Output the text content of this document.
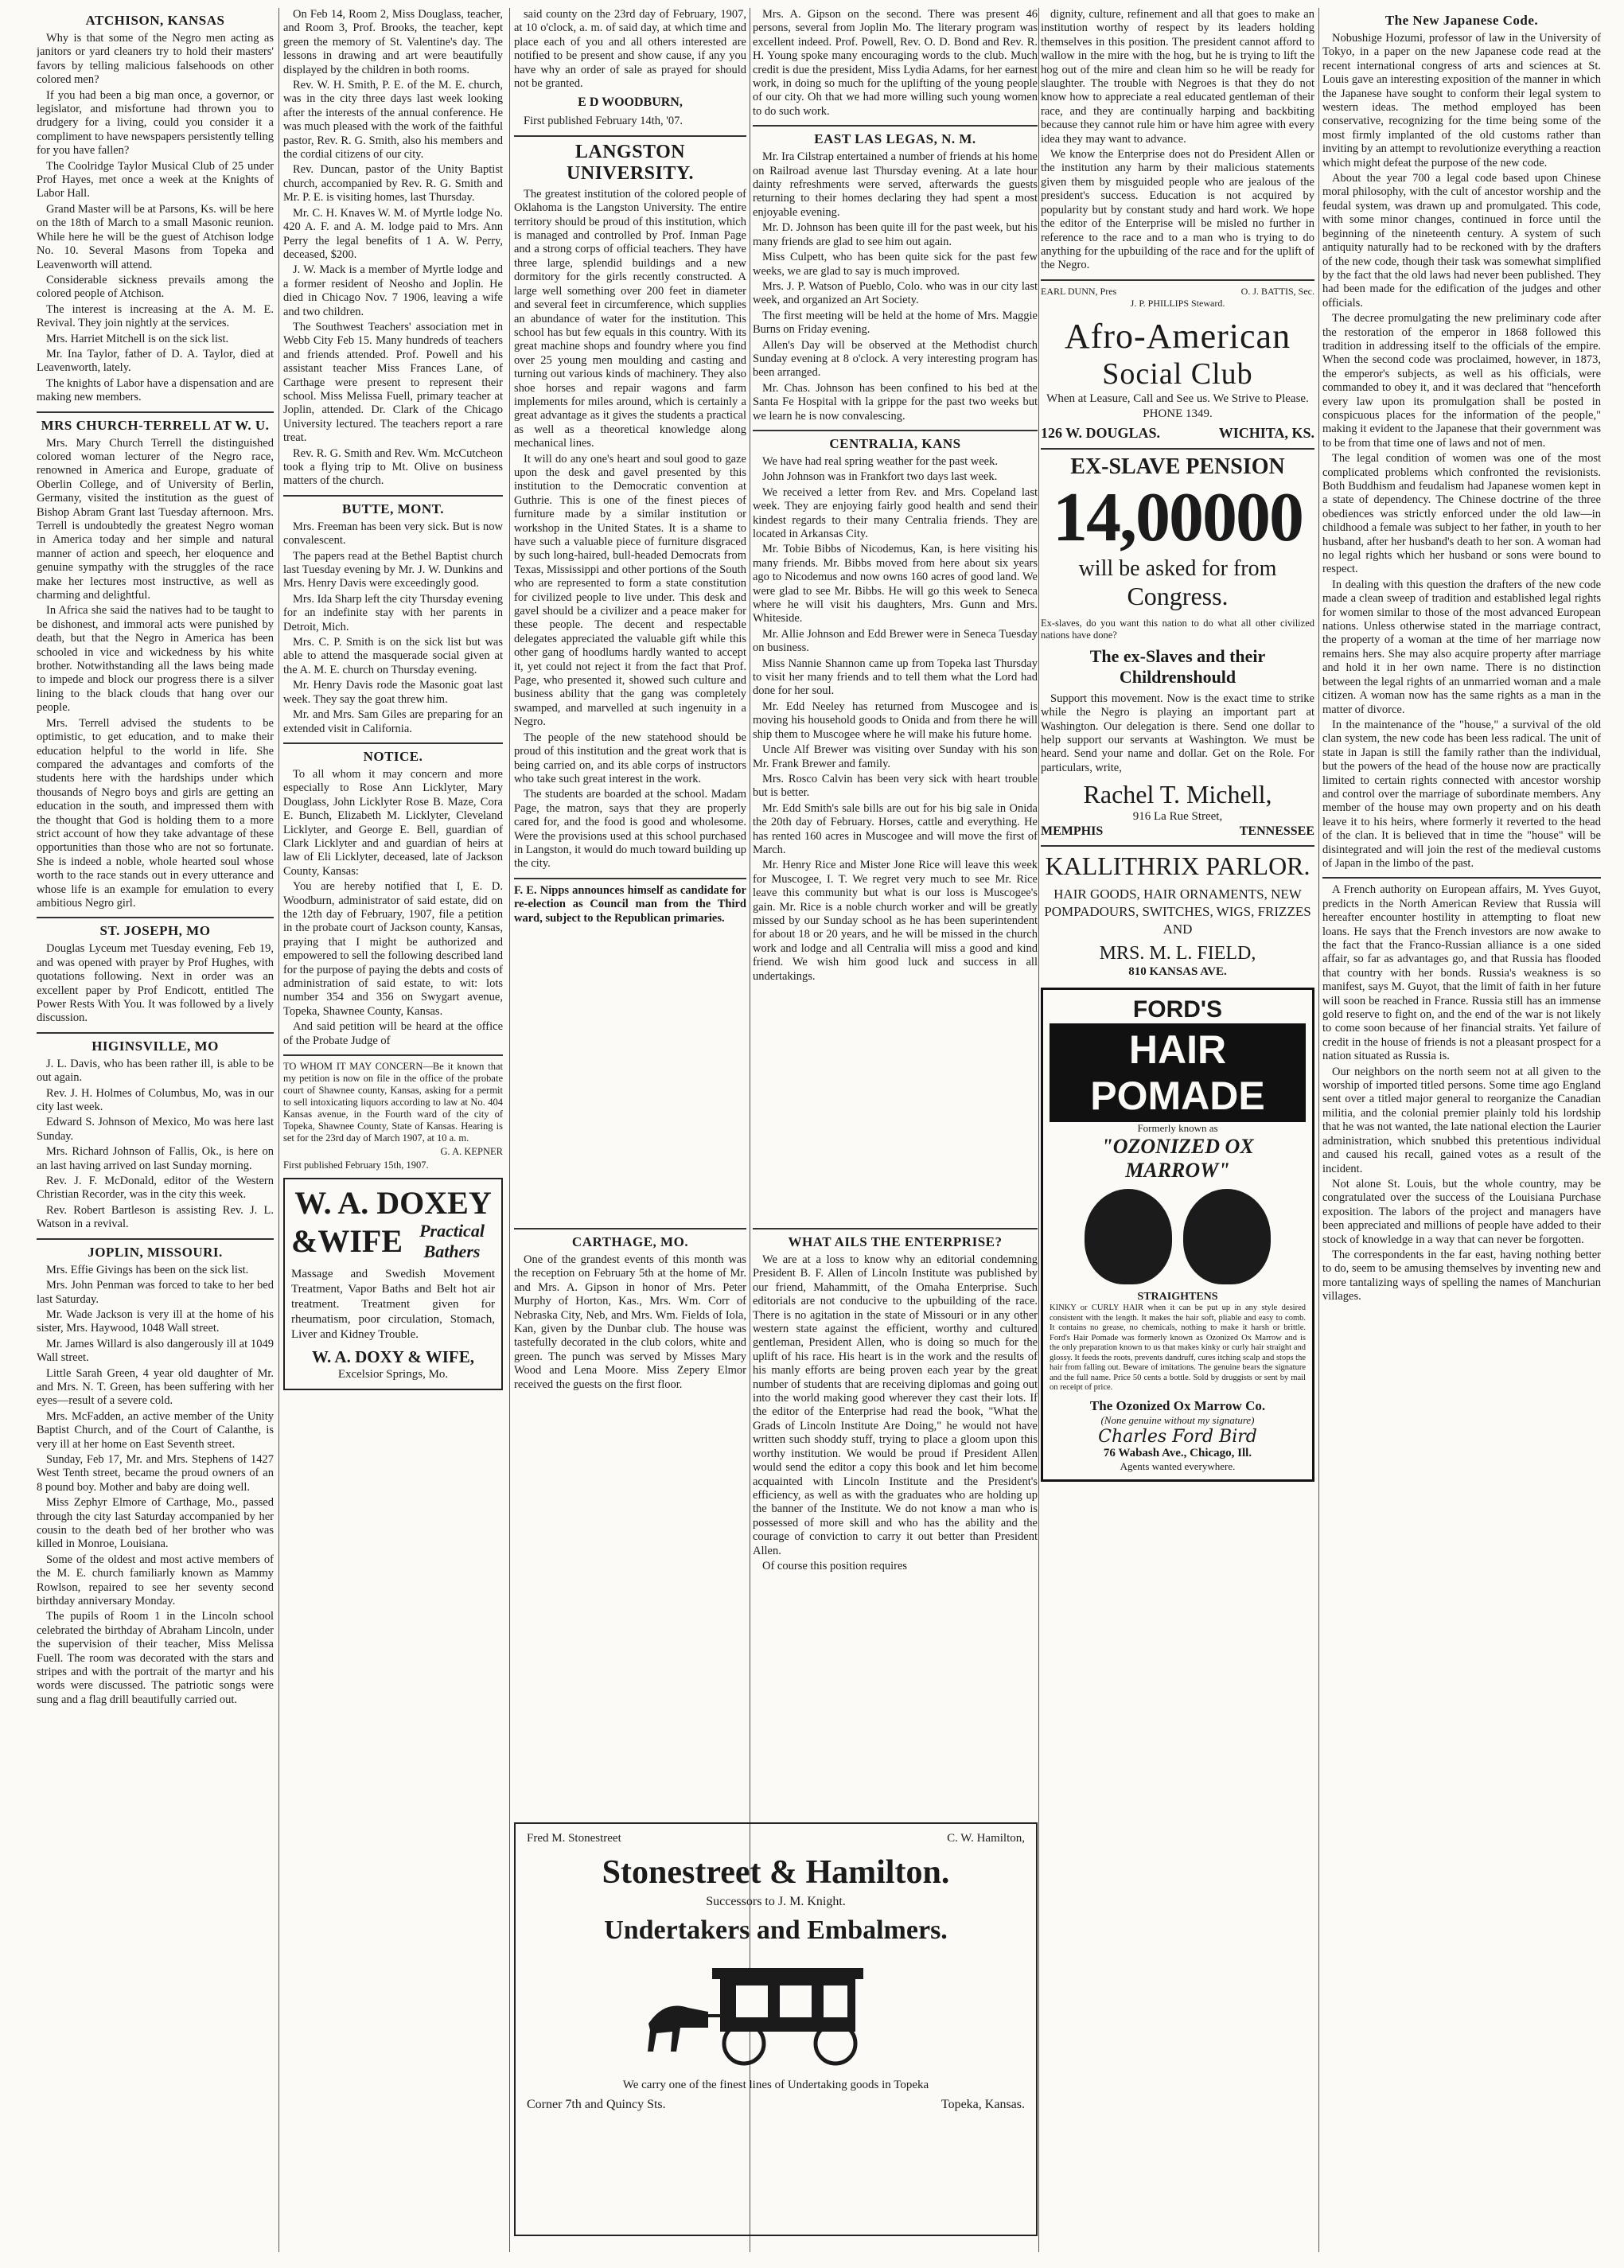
ATCHISON, KANSAS

Why is that some of the Negro men acting as janitors or yard cleaners try to hold their masters' favors by telling malicious falsehoods on other colored men?

If you had been a big man once, a governor, or legislator, and misfortune had thrown you to drudgery for a living, could you consider it a compliment to have newspapers persistently telling for you have fallen?

The Coolridge Taylor Musical Club of 25 under Prof Hayes, met once a week at the Knights of Labor Hall.

Grand Master will be at Parsons, Ks. will be here on the 18th of March to a small Masonic reunion. While here he will be the guest of Atchison lodge No. 10. Several Masons from Topeka and Leavenworth will attend.

Considerable sickness prevails among the colored people of Atchison.

The interest is increasing at the A. M. E. Revival. They join nightly at the services.

Mrs. Harriet Mitchell is on the sick list.

Mr. Ina Taylor, father of D. A. Taylor, died at Leavenworth, lately.

The knights of Labor have a dispensation and are making new members.

MRS CHURCH-TERRELL AT W. U.

Mrs. Mary Church Terrell the distinguished colored woman lecturer of the Negro race, renowned in America and Europe, graduate of Oberlin College, and of University of Berlin, Germany, visited the institution as the guest of Bishop Abram Grant last Tuesday afternoon. Mrs. Terrell is undoubtedly the greatest Negro woman in America today and her simple and natural manner of action and speech, her eloquence and genuine sympathy with the struggles of the race make her lectures most instructive, as well as charming and delightful.

In Africa she said the natives had to be taught to be dishonest, and immoral acts were punished by death, but that the Negro in America has been schooled in vice and wickedness by his white brother. Notwithstanding all the laws being made to impede and block our progress there is a silver lining to the black clouds that hang over our people.

Mrs. Terrell advised the students to be optimistic, to get education, and to make their education helpful to the world in life. She compared the advantages and comforts of the students here with the hardships under which thousands of Negro boys and girls are getting an education in the south, and impressed them with the thought that God is holding them to a more strict account of how they take advantage of these opportunities than those who are not so fortunate. She is indeed a noble, whole hearted soul whose worth to the race stands out in every utterance and whose life is an example for emulation to every ambitious Negro girl.

ST. JOSEPH, MO

Douglas Lyceum met Tuesday evening, Feb 19, and was opened with prayer by Prof Hughes, with quotations following. Next in order was an excellent paper by Prof Endicott, entitled The Power Rests With You. It was followed by a lively discussion.

HIGINSVILLE, MO

J. L. Davis, who has been rather ill, is able to be out again.

Rev. J. H. Holmes of Columbus, Mo, was in our city last week.

Edward S. Johnson of Mexico, Mo was here last Sunday.

Mrs. Richard Johnson of Fallis, Ok., is here on an last having arrived on last Sunday morning.

Rev. J. F. McDonald, editor of the Western Christian Recorder, was in the city this week.

Rev. Robert Bartleson is assisting Rev. J. L. Watson in a revival.

JOPLIN, MISSOURI.

Mrs. Effie Givings has been on the sick list.

Mrs. John Penman was forced to take to her bed last Saturday.

Mr. Wade Jackson is very ill at the home of his sister, Mrs. Haywood, 1048 Wall street.

Mr. James Willard is also dangerously ill at 1049 Wall street.

Little Sarah Green, 4 year old daughter of Mr. and Mrs. N. T. Green, has been suffering with her eyes—result of a severe cold.

Mrs. McFadden, an active member of the Unity Baptist Church, and of the Court of Calanthe, is very ill at her home on East Seventh street.

Sunday, Feb 17, Mr. and Mrs. Stephens of 1427 West Tenth street, became the proud owners of an 8 pound boy. Mother and baby are doing well.

Miss Zephyr Elmore of Carthage, Mo., passed through the city last Saturday accompanied by her cousin to the death bed of her brother who was killed in Monroe, Louisiana.

Some of the oldest and most active members of the M. E. church familiarly known as Mammy Rowlson, repaired to see her seventy second birthday anniversary Monday.

The pupils of Room 1 in the Lincoln school celebrated the birthday of Abraham Lincoln, under the supervision of their teacher, Miss Melissa Fuell. The room was decorated with the stars and stripes and with the portrait of the martyr and his words were discussed. The patriotic songs were sung and a flag drill beautifully carried out.

On Feb 14, Room 2, Miss Douglass, teacher, and Room 3, Prof. Brooks, the teacher, kept green the memory of St. Valentine's day. The lessons in drawing and art were beautifully displayed by the children in both rooms.

Rev. W. H. Smith, P. E. of the M. E. church, was in the city three days last week looking after the interests of the annual conference. He was much pleased with the work of the faithful pastor, Rev. R. G. Smith, also his members and the cordial citizens of our city.

Rev. Duncan, pastor of the Unity Baptist church, accompanied by Rev. R. G. Smith and Mr. P. E. is visiting homes, last Thursday.

Mr. C. H. Knaves W. M. of Myrtle lodge No. 420 A. F. and A. M. lodge paid to Mrs. Ann Perry the legal benefits of 1 A. W. Perry, deceased, $200.

J. W. Mack is a member of Myrtle lodge and a former resident of Neosho and Joplin. He died in Chicago Nov. 7 1906, leaving a wife and two children.

The Southwest Teachers' association met in Webb City Feb 15. Many hundreds of teachers and friends attended. Prof. Powell and his assistant teacher Miss Frances Lane, of Carthage were present to represent their school. Miss Melissa Fuell, primary teacher at Joplin, attended. Dr. Clark of the Chicago University lectured. The teachers report a rare treat.

Rev. R. G. Smith and Rev. Wm. McCutcheon took a flying trip to Mt. Olive on business matters of the church.

BUTTE, MONT.

Mrs. Freeman has been very sick. But is now convalescent.

The papers read at the Bethel Baptist church last Tuesday evening by Mr. J. W. Dunkins and Mrs. Henry Davis were exceedingly good.

Mrs. Ida Sharp left the city Thursday evening for an indefinite stay with her parents in Detroit, Mich.

Mrs. C. P. Smith is on the sick list but was able to attend the masquerade social given at the A. M. E. church on Thursday evening.

Mr. Henry Davis rode the Masonic goat last week. They say the goat threw him.

Mr. and Mrs. Sam Giles are preparing for an extended visit in California.

NOTICE.

To all whom it may concern and more especially to Rose Ann Licklyter, Mary Douglass, John Licklyter Rose B. Maze, Cora E. Bunch, Elizabeth M. Licklyter, Cleveland Licklyter, and George E. Bell, guardian of Clark Licklyter and and guardian of heirs at law of Eli Licklyter, deceased, late of Jackson County, Kansas:

You are hereby notified that I, E. D. Woodburn, administrator of said estate, did on the 12th day of February, 1907, file a petition in the probate court of Jackson county, Kansas, praying that I might be authorized and empowered to sell the following described land for the purpose of paying the debts and costs of administration of said estate, to wit: lots number 354 and 356 on Swygart avenue, Topeka, Shawnee County, Kansas.

And said petition will be heard at the office of the Probate Judge of

TO WHOM IT MAY CONCERN—Be it known that my petition is now on file in the office of the probate court of Shawnee county, Kansas, asking for a permit to sell intoxicating liquors according to law at No. 404 Kansas avenue, in the Fourth ward of the city of Topeka, Shawnee County, State of Kansas. Hearing is set for the 23rd day of March 1907, at 10 a. m.
G. A. KEPNER
First published February 15th, 1907.
W. A. DOXEY
&WIFE Practical Bathers
Massage and Swedish Movement Treatment, Vapor Baths and Belt hot air treatment. Treatment given for rheumatism, poor circulation, Stomach, Liver and Kidney Trouble.
W. A. DOXY & WIFE,
Excelsior Springs, Mo.

said county on the 23rd day of February, 1907, at 10 o'clock, a. m. of said day, at which time and place each of you and all others interested are notified to be present and show cause, if any you have why an order of sale as prayed for should not be granted.

E D WOODBURN,
First published February 14th, '07.
LANGSTON UNIVERSITY.

The greatest institution of the colored people of Oklahoma is the Langston University. The entire territory should be proud of this institution, which is managed and controlled by Prof. Inman Page and a strong corps of official teachers. They have three large, splendid buildings and a new dormitory for the girls recently constructed. A large well something over 200 feet in diameter and several feet in circumference, which supplies an abundance of water for the institution. This school has but few equals in this country. With its great machine shops and foundry where you find over 25 young men moulding and casting and turning out various kinds of machinery. They also shoe horses and repair wagons and farm implements for miles around, which is certainly a great advantage as it gives the students a practical as well as a theoretical knowledge along mechanical lines.

It will do any one's heart and soul good to gaze upon the desk and gavel presented by this institution to the Democratic convention at Guthrie. This is one of the finest pieces of furniture made by a similar institution or workshop in the United States. It is a shame to have such a valuable piece of furniture disgraced by such long-haired, bull-headed Democrats from Texas, Mississippi and other portions of the South who are represented to form a state constitution for civilized people to live under. This desk and gavel should be a civilizer and a peace maker for these people. The decent and respectable delegates appreciated the valuable gift while this other gang of hoodlums hardly wanted to accept it, yet could not reject it from the fact that Prof. Page, who presented it, showed such culture and business ability that the gang was completely swamped, and marvelled at such ingenuity in a Negro.

The people of the new statehood should be proud of this institution and the great work that is being carried on, and its able corps of instructors who take such great interest in the work.

The students are boarded at the school. Madam Page, the matron, says that they are properly cared for, and the food is good and wholesome. Were the provisions used at this school purchased in Langston, it would do much toward building up the city.

F. E. Nipps announces himself as candidate for re-election as Council man from the Third ward, subject to the Republican primaries.

Mrs. A. Gipson on the second. There was present 46 persons, several from Joplin Mo. The literary program was excellent indeed. Prof. Powell, Rev. O. D. Bond and Rev. R. H. Young spoke many encouraging words to the club. Much credit is due the president, Miss Lydia Adams, for her earnest work, in doing so much for the uplifting of the young people of our city. Oh that we had more willing such young women to do such work.

EAST LAS LEGAS, N. M.

Mr. Ira Cilstrap entertained a number of friends at his home on Railroad avenue last Thursday evening. At a late hour dainty refreshments were served, afterwards the guests returning to their homes declaring they had spent a most enjoyable evening.

Mr. D. Johnson has been quite ill for the past week, but his many friends are glad to see him out again.

Miss Culpett, who has been quite sick for the past few weeks, we are glad to say is much improved.

Mrs. J. P. Watson of Pueblo, Colo. who was in our city last week, and organized an Art Society.

The first meeting will be held at the home of Mrs. Maggie Burns on Friday evening.

Allen's Day will be observed at the Methodist church Sunday evening at 8 o'clock. A very interesting program has been arranged.

Mr. Chas. Johnson has been confined to his bed at the Santa Fe Hospital with la grippe for the past two weeks but we learn he is now convalescing.

CENTRALIA, KANS

We have had real spring weather for the past week.

John Johnson was in Frankfort two days last week.

We received a letter from Rev. and Mrs. Copeland last week. They are enjoying fairly good health and send their kindest regards to their many Centralia friends. They are located in Arkansas City.

Mr. Tobie Bibbs of Nicodemus, Kan, is here visiting his many friends. Mr. Bibbs moved from here about six years ago to Nicodemus and now owns 160 acres of good land. We were glad to see Mr. Bibbs. He will go this week to Seneca where he will visit his daughters, Mrs. Gunn and Mrs. Whiteside.

Mr. Allie Johnson and Edd Brewer were in Seneca Tuesday on business.

Miss Nannie Shannon came up from Topeka last Thursday to visit her many friends and to tell them what the Lord had done for her soul.

Mr. Edd Neeley has returned from Muscogee and is moving his household goods to Onida and from there he will ship them to Muscogee where he will make his future home.

Uncle Alf Brewer was visiting over Sunday with his son Mr. Frank Brewer and family.

Mrs. Rosco Calvin has been very sick with heart trouble but is better.

Mr. Edd Smith's sale bills are out for his big sale in Onida the 20th day of February. Horses, cattle and everything. He has rented 160 acres in Muscogee and will move the first of March.

Mr. Henry Rice and Mister Jone Rice will leave this week for Muscogee, I. T. We regret very much to see Mr. Rice leave this community but what is our loss is Muscogee's gain. Mr. Rice is a noble church worker and will be greatly missed by our Sunday school as he has been superintendent for about 18 or 20 years, and he will be missed in the church work and lodge and all Centralia will miss a good and kind friend. We wish him good luck and success in all undertakings.

CARTHAGE, MO.

One of the grandest events of this month was the reception on February 5th at the home of Mr. and Mrs. A. Gipson in honor of Mrs. Peter Murphy of Horton, Kas., Mrs. Wm. Corr of Nebraska City, Neb, and Mrs. Wm. Fields of Iola, Kan, given by the Dunbar club. The house was tastefully decorated in the club colors, white and green. The punch was served by Misses Mary Wood and Lena Moore. Miss Zepery Elmor received the guests on the first floor.

WHAT AILS THE ENTERPRISE?

We are at a loss to know why an editorial condemning President B. F. Allen of Lincoln Institute was published by our friend, Mahammitt, of the Omaha Enterprise. Such editorials are not conducive to the upbuilding of the race. There is no agitation in the state of Missouri or in any other western state against the efficient, worthy and cultured gentleman, President Allen, who is doing so much for the uplift of his race. His heart is in the work and the results of his manly efforts are being proven each year by the great number of students that are receiving diplomas and going out into the world making good wherever they cast their lots. If the editor of the Enterprise had read the book, "What the Grads of Lincoln Institute Are Doing," he would not have written such shoddy stuff, trying to place a gloom upon this worthy institution. We would be proud if President Allen would send the editor a copy this book and let him become acquainted with Lincoln Institute and the President's efficiency, as well as with the graduates who are holding up the banner of the Institute. We do not know a man who is possessed of more skill and who has the ability and the courage of conviction to carry it out better than President Allen.

Of course this position requires

Fred M. Stonestreet	C. W. Hamilton,
Stonestreet & Hamilton.
Successors to J. M. Knight.
Undertakers and Embalmers.
We carry one of the finest lines of Undertaking goods in Topeka
Corner 7th and Quincy Sts.	Topeka, Kansas.

dignity, culture, refinement and all that goes to make an institution worthy of respect by its leaders holding themselves in this position. The president cannot afford to wallow in the mire with the hog, but he is trying to lift the hog out of the mire and clean him so he will be ready for slaughter. The trouble with Negroes is that they do not know how to appreciate a real educated gentleman of their race, and they are continually harping and backbiting because they cannot rule him or have him agree with every idea they may want to advance.

We know the Enterprise does not do President Allen or the institution any harm by their malicious statements given them by misguided people who are jealous of the president's success. Education is not acquired by popularity but by constant study and hard work. We hope the editor of the Enterprise will be misled no further in reference to the race and to a man who is trying to do anything for the upbuilding of the race and for the uplift of the Negro.

EARL DUNN, Pres	O. J. BATTIS, Sec.
J. P. PHILLIPS Steward.
Afro-American
Social Club
When at Leasure, Call and See us. We Strive to Please.
PHONE 1349.
126 W. DOUGLAS.	WICHITA, KS.
EX-SLAVE PENSION
14,00000
will be asked for from
Congress.
Ex-slaves, do you want this nation to do what all other civilized nations have done?
The ex-Slaves and their Childrenshould
Support this movement. Now is the exact time to strike while the Negro is playing an important part at Washington. Our delegation is there. Send one dollar to help support our servants at Washington. We must be heard. Send your name and dollar. Get on the Role. For particulars, write,
Rachel T. Michell,
916 La Rue Street,
MEMPHIS	TENNESSEE
KALLITHRIX PARLOR.
HAIR GOODS, HAIR ORNAMENTS, NEW POMPADOURS, SWITCHES, WIGS, FRIZZES AND
MRS. M. L. FIELD,
810 KANSAS AVE.
FORD'S
HAIR POMADE
Formerly known as
"OZONIZED OX MARROW"
STRAIGHTENS
KINKY or CURLY HAIR when it can be put up in any style desired consistent with the length. It makes the hair soft, pliable and easy to comb. It contains no grease, no chemicals, nothing to make it harsh or brittle. Ford's Hair Pomade was formerly known as Ozonized Ox Marrow and is the only preparation known to us that makes kinky or curly hair straight and glossy. It feeds the roots, prevents dandruff, cures itching scalp and stops the hair from falling out. Beware of imitations. The genuine bears the signature and the full name. Price 50 cents a bottle. Sold by druggists or sent by mail on receipt of price.
The Ozonized Ox Marrow Co.
(None genuine without my signature)
Charles Ford Bird
76 Wabash Ave., Chicago, Ill.
Agents wanted everywhere.
The New Japanese Code.

Nobushige Hozumi, professor of law in the University of Tokyo, in a paper on the new Japanese code read at the recent international congress of arts and sciences at St. Louis gave an interesting exposition of the manner in which the Japanese have sought to conform their legal system to western ideas. The method employed has been conservative, recognizing for the time being some of the most firmly implanted of the old customs rather than inviting by an attempt to revolutionize everything a reaction which might defeat the purpose of the new code.

About the year 700 a legal code based upon Chinese moral philosophy, with the cult of ancestor worship and the feudal system, was drawn up and promulgated. This code, with some minor changes, continued in force until the beginning of the nineteenth century. A system of such antiquity naturally had to be reckoned with by the drafters of the new code, though their task was somewhat simplified by the fact that the old laws had never been published. They had been made for the edification of the judges and other officials.

The decree promulgating the new preliminary code after the restoration of the emperor in 1868 followed this tradition in addressing itself to the officials of the empire. When the second code was proclaimed, however, in 1873, the emperor's subjects, as well as his officials, were commanded to obey it, and it was declared that "henceforth every law upon its promulgation shall be posted in conspicuous places for the information of the people," making it evident to the Japanese that their government was to be from that time one of laws and not of men.

The legal condition of women was one of the most complicated problems which confronted the revisionists. Both Buddhism and feudalism had Japanese women kept in a state of dependency. The Chinese doctrine of the three obediences was strictly enforced under the old law—in childhood a female was subject to her father, in youth to her husband, after her husband's death to her son. A woman had no legal rights which her husband or sons were bound to respect.

In dealing with this question the drafters of the new code made a clean sweep of tradition and established legal rights for women similar to those of the most advanced European nations. Unless otherwise stated in the marriage contract, the property of a woman at the time of her marriage now remains hers. She may also acquire property after marriage and hold it in her own name. There is no distinction between the legal rights of an unmarried woman and a male citizen. A woman now has the same rights as a man in the matter of divorce.

In the maintenance of the "house," a survival of the old clan system, the new code has been less radical. The unit of state in Japan is still the family rather than the individual, but the powers of the head of the house now are practically limited to certain rights connected with ancestor worship and control over the marriage of subordinate members. Any member of the house may own property and on his death leave it to his heirs, where formerly it reverted to the head of the clan. It is believed that in time the "house" will be disintegrated and will join the rest of the medieval customs of Japan in the limbo of the past.

A French authority on European affairs, M. Yves Guyot, predicts in the North American Review that Russia will hereafter encounter hostility in attempting to float new loans. He says that the French investors are now awake to the fact that the Franco-Russian alliance is a one sided affair, so far as advantages go, and that Russia has flooded that country with her bonds. Russia's weakness is so manifest, says M. Guyot, that the limit of faith in her future will soon be reached in France. Russia still has an immense gold reserve to fight on, and the end of the war is not likely to come soon because of her financial straits. Yet failure of credit in the house of friends is not a pleasant prospect for a nation situated as Russia is.

Our neighbors on the north seem not at all given to the worship of imported titled persons. Some time ago England sent over a titled major general to reorganize the Canadian militia, and the colonial premier plainly told his lordship that he was not wanted, the late national election the Laurier administration, which snubbed this pretentious individual and caused his recall, gained votes as a result of the incident.

Not alone St. Louis, but the whole country, may be congratulated over the success of the Louisiana Purchase exposition. The labors of the project and managers have been appreciated and millions of people have added to their stock of knowledge in a way that can never be forgotten.

The correspondents in the far east, having nothing better to do, seem to be amusing themselves by inventing new and more tantalizing ways of spelling the names of Manchurian villages.
